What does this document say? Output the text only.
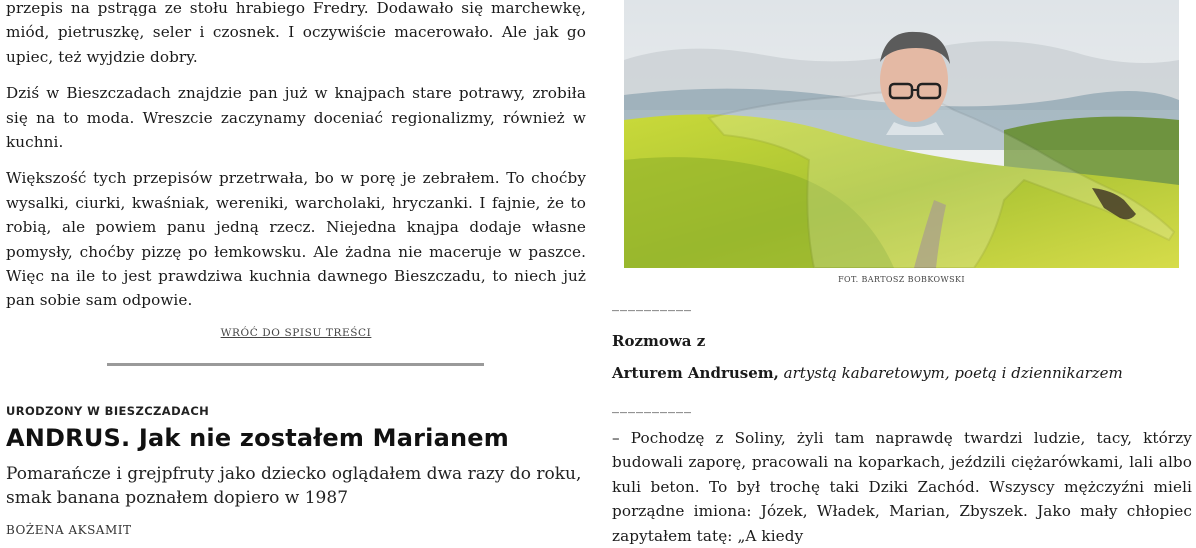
przepis na pstrąga ze stołu hrabiego Fredry. Dodawało się marchewkę, miód, pietruszkę, seler i czosnek. I oczywiście macerowało. Ale jak go upiec, też wyjdzie dobry.

Dziś w Bieszczadach znajdzie pan już w knajpach stare potrawy, zrobiła się na to moda. Wreszcie zaczynamy doceniać regionalizmy, również w kuchni.

Większość tych przepisów przetrwała, bo w porę je zebrałem. To choćby wysalki, ciurki, kwaśniak, wereniki, warcholaki, hryczanki. I fajnie, że to robią, ale powiem panu jedną rzecz. Niejedna knajpa dodaje własne pomysły, choćby pizzę po łemkowsku. Ale żadna nie maceruje w paszce. Więc na ile to jest prawdziwa kuchnia dawnego Bieszczadu, to niech już pan sobie sam odpowie.

WRÓĆ DO SPISU TREŚCI
URODZONY W BIESZCZADACH
ANDRUS. Jak nie zostałem Marianem

Pomarańcze i grejpfruty jako dziecko oglądałem dwa razy do roku, smak banana poznałem dopiero w 1987

BOŻENA AKSAMIT
FOT. BARTOSZ BOBKOWSKI

__________

Rozmowa z
Arturem Andrusem, artystą kabaretowym, poetą i dziennikarzem

__________

– Pochodzę z Soliny, żyli tam naprawdę twardzi ludzie, tacy, którzy budowali zaporę, pracowali na koparkach, jeździli ciężarówkami, lali albo kuli beton. To był trochę taki Dziki Zachód. Wszyscy mężczyźni mieli porządne imiona: Józek, Władek, Marian, Zbyszek. Jako mały chłopiec zapytałem tatę: „A kiedy
